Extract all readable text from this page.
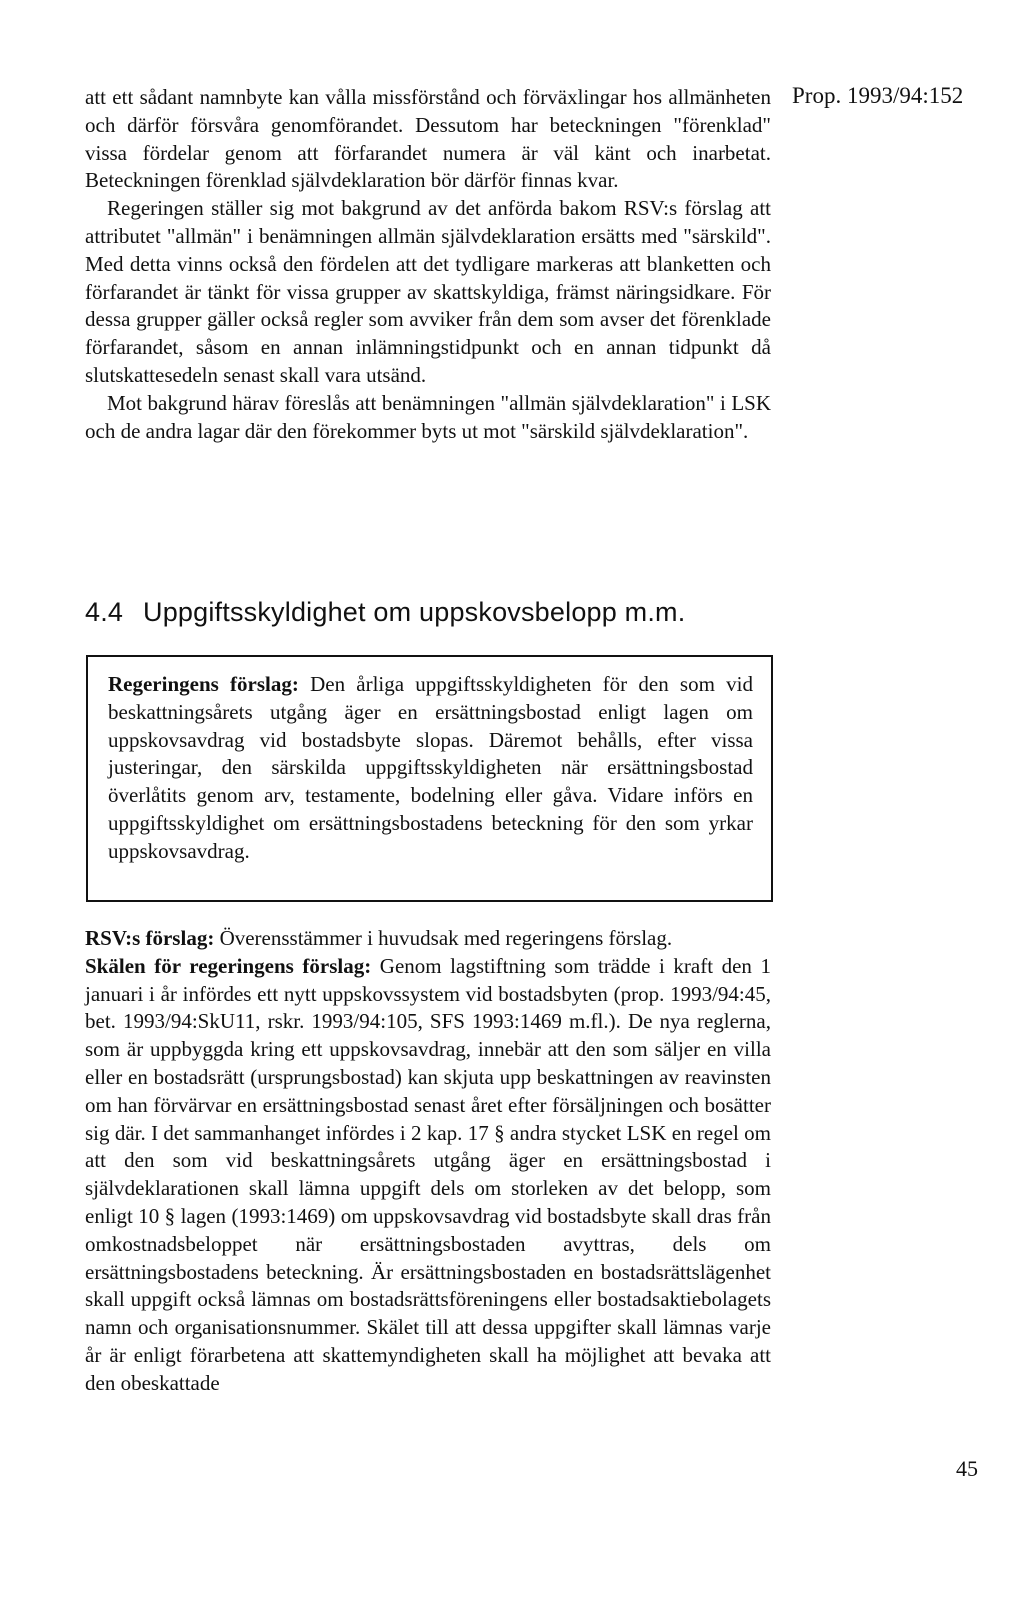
Prop. 1993/94:152

att ett sådant namnbyte kan vålla missförstånd och förväxlingar hos allmänheten och därför försvåra genomförandet. Dessutom har beteckningen "förenklad" vissa fördelar genom att förfarandet numera är väl känt och inarbetat. Beteckningen förenklad självdeklaration bör därför finnas kvar.

Regeringen ställer sig mot bakgrund av det anförda bakom RSV:s förslag att attributet "allmän" i benämningen allmän självdeklaration ersätts med "särskild". Med detta vinns också den fördelen att det tydligare markeras att blanketten och förfarandet är tänkt för vissa grupper av skattskyldiga, främst näringsidkare. För dessa grupper gäller också regler som avviker från dem som avser det förenklade förfarandet, såsom en annan inlämningstidpunkt och en annan tidpunkt då slutskattesedeln senast skall vara utsänd.

Mot bakgrund härav föreslås att benämningen "allmän självdeklaration" i LSK och de andra lagar där den förekommer byts ut mot "särskild självdeklaration".

4.4 Uppgiftsskyldighet om uppskovsbelopp m.m.
Regeringens förslag: Den årliga uppgiftsskyldigheten för den som vid beskattningsårets utgång äger en ersättningsbostad enligt lagen om uppskovsavdrag vid bostadsbyte slopas. Däremot behålls, efter vissa justeringar, den särskilda uppgiftsskyldigheten när ersättningsbostad överlåtits genom arv, testamente, bodelning eller gåva. Vidare införs en uppgiftsskyldighet om ersättningsbostadens beteckning för den som yrkar uppskovsavdrag.

RSV:s förslag: Överensstämmer i huvudsak med regeringens förslag.

Skälen för regeringens förslag: Genom lagstiftning som trädde i kraft den 1 januari i år infördes ett nytt uppskovssystem vid bostadsbyten (prop. 1993/94:45, bet. 1993/94:SkU11, rskr. 1993/94:105, SFS 1993:1469 m.fl.). De nya reglerna, som är uppbyggda kring ett uppskovsavdrag, innebär att den som säljer en villa eller en bostadsrätt (ursprungsbostad) kan skjuta upp beskattningen av reavinsten om han förvärvar en ersättningsbostad senast året efter försäljningen och bosätter sig där. I det sammanhanget infördes i 2 kap. 17 § andra stycket LSK en regel om att den som vid beskattningsårets utgång äger en ersättningsbostad i självdeklarationen skall lämna uppgift dels om storleken av det belopp, som enligt 10 § lagen (1993:1469) om uppskovsavdrag vid bostadsbyte skall dras från omkostnadsbeloppet när ersättningsbostaden avyttras, dels om ersättningsbostadens beteckning. Är ersättningsbostaden en bostadsrättslägenhet skall uppgift också lämnas om bostadsrättsföreningens eller bostadsaktiebolagets namn och organisationsnummer. Skälet till att dessa uppgifter skall lämnas varje år är enligt förarbetena att skattemyndigheten skall ha möjlighet att bevaka att den obeskattade

45
